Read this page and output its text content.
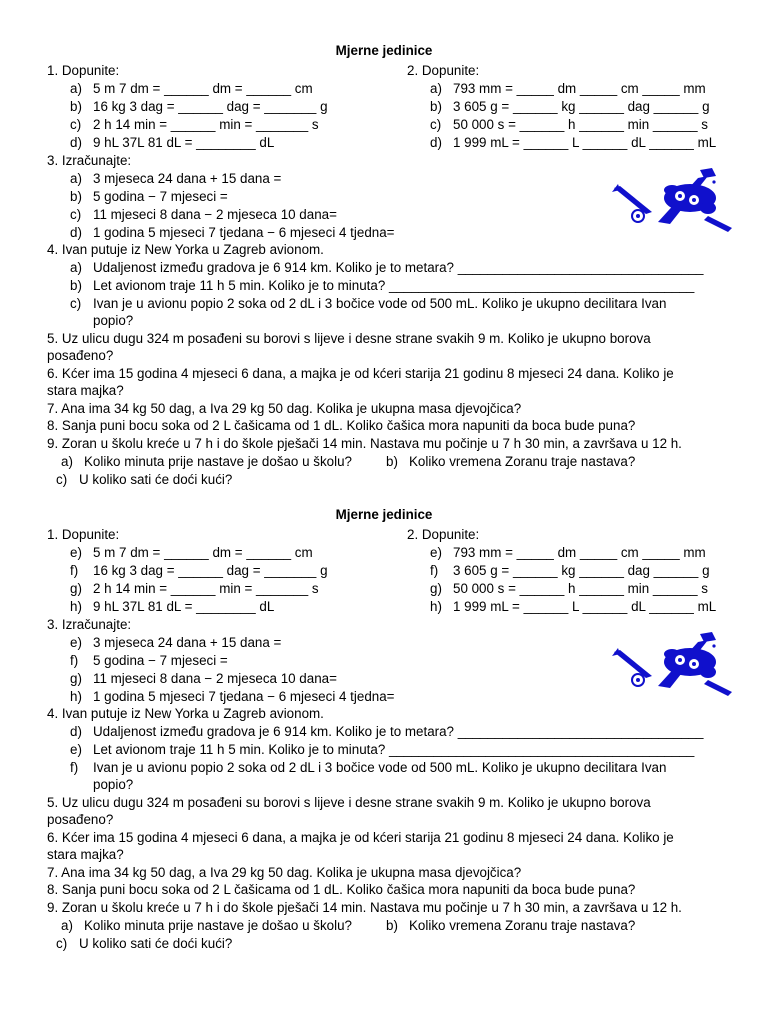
Mjerne jedinice
1. Dopunite:
a) 5 m 7 dm = ______ dm = ______ cm
b) 16 kg 3 dag = ______ dag = _______ g
c) 2 h 14 min = ______ min = _______ s
d) 9 hL 37L 81 dL = ________ dL
2. Dopunite:
a) 793 mm = _____ dm _____ cm _____ mm
b) 3 605 g = ______ kg ______ dag ______ g
c) 50 000 s = ______ h ______ min ______ s
d) 1 999 mL = ______ L ______ dL ______ mL
3. Izračunajte:
a) 3 mjeseca 24 dana + 15 dana =
b) 5 godina − 7 mjeseci =
c) 11 mjeseci 8 dana − 2 mjeseca 10 dana=
d) 1 godina 5 mjeseci 7 tjedana − 6 mjeseci 4 tjedna=
4. Ivan putuje iz New Yorka u Zagreb avionom.
a) Udaljenost između gradova je 6 914 km. Koliko je to metara? _________________________________
b) Let avionom traje 11 h 5 min. Koliko je to minuta? _________________________________________
c) Ivan je u avionu popio 2 soka od 2 dL i 3 bočice vode od 500 mL. Koliko je ukupno decilitara Ivan
popio?
5. Uz ulicu dugu 324 m posađeni su borovi s lijeve i desne strane svakih 9 m. Koliko je ukupno borova
posađeno?
6. Kćer ima 15 godina 4 mjeseci 6 dana, a majka je od kćeri starija 21 godinu 8 mjeseci 24 dana. Koliko je
stara majka?
7. Ana ima 34 kg 50 dag, a Iva 29 kg 50 dag. Kolika je ukupna masa djevojčica?
8. Sanja puni bocu soka od 2 L čašicama od 1 dL. Koliko čašica mora napuniti da boca bude puna?
9. Zoran u školu kreće u 7 h i do škole pješači 14 min. Nastava mu počinje u 7 h 30 min, a završava u 12 h.
a) Koliko minuta prije nastave je došao u školu?	b) Koliko vremena Zoranu traje nastava?
c) U koliko sati će doći kući?
Mjerne jedinice
1. Dopunite:
e) 5 m 7 dm = ______ dm = ______ cm
f) 16 kg 3 dag = ______ dag = _______ g
g) 2 h 14 min = ______ min = _______ s
h) 9 hL 37L 81 dL = ________ dL
2. Dopunite:
e) 793 mm = _____ dm _____ cm _____ mm
f) 3 605 g = ______ kg ______ dag ______ g
g) 50 000 s = ______ h ______ min ______ s
h) 1 999 mL = ______ L ______ dL ______ mL
3. Izračunajte:
e) 3 mjeseca 24 dana + 15 dana =
f) 5 godina − 7 mjeseci =
g) 11 mjeseci 8 dana − 2 mjeseca 10 dana=
h) 1 godina 5 mjeseci 7 tjedana − 6 mjeseci 4 tjedna=
4. Ivan putuje iz New Yorka u Zagreb avionom.
d) Udaljenost između gradova je 6 914 km. Koliko je to metara? _________________________________
e) Let avionom traje 11 h 5 min. Koliko je to minuta? _________________________________________
f) Ivan je u avionu popio 2 soka od 2 dL i 3 bočice vode od 500 mL. Koliko je ukupno decilitara Ivan
popio?
5. Uz ulicu dugu 324 m posađeni su borovi s lijeve i desne strane svakih 9 m. Koliko je ukupno borova
posađeno?
6. Kćer ima 15 godina 4 mjeseci 6 dana, a majka je od kćeri starija 21 godinu 8 mjeseci 24 dana. Koliko je
stara majka?
7. Ana ima 34 kg 50 dag, a Iva 29 kg 50 dag. Kolika je ukupna masa djevojčica?
8. Sanja puni bocu soka od 2 L čašicama od 1 dL. Koliko čašica mora napuniti da boca bude puna?
9. Zoran u školu kreće u 7 h i do škole pješači 14 min. Nastava mu počinje u 7 h 30 min, a završava u 12 h.
a) Koliko minuta prije nastave je došao u školu?	b) Koliko vremena Zoranu traje nastava?
c) U koliko sati će doći kući?
